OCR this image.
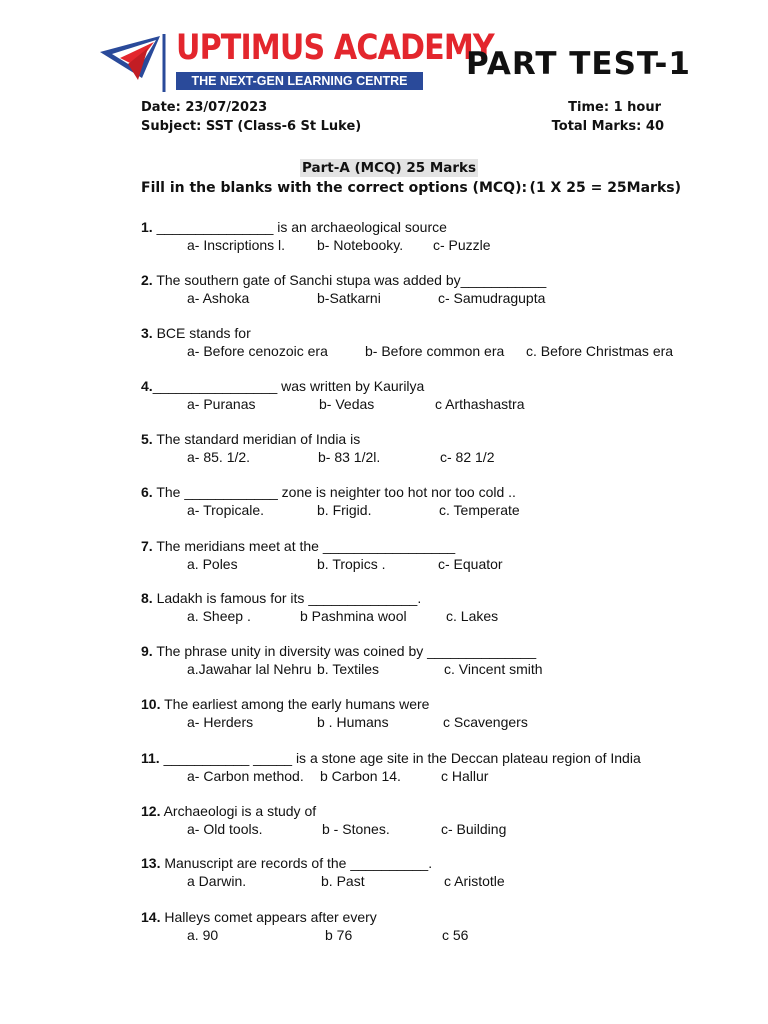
UPTIMUS ACADEMY
THE NEXT-GEN LEARNING CENTRE	PART TEST-1
Date: 23/07/2023	Time: 1 hour
Subject: SST (Class-6 St Luke)	Total Marks: 40
Part-A (MCQ) 25 Marks
Fill in the blanks with the correct options (MCQ): (1 X 25 = 25Marks)
1. _______________ is an archaeological source
a- Inscriptions l. b- Notebooky. c- Puzzle
2. The southern gate of Sanchi stupa was added by___________
a- Ashoka	b-Satkarni	c- Samudragupta
3. BCE stands for
a- Before cenozoic era	b- Before common era c. Before Christmas era
4.________________ was written by Kaurilya
a- Puranas	b- Vedas	c Arthashastra
5. The standard meridian of India is
a- 85. 1/2.	b- 83 1/2l.	c- 82 1/2
6. The ____________ zone is neighter too hot nor too cold ..
a- Tropicale.	b. Frigid.	c. Temperate
7. The meridians meet at the _________________
a. Poles	b. Tropics .	c- Equator
8. Ladakh is famous for its ______________.
a. Sheep .	b Pashmina wool	c. Lakes
9. The phrase unity in diversity was coined by ______________
a.Jawahar lal Nehru b. Textiles	c. Vincent smith
10. The earliest among the early humans were
a- Herders	b . Humans	c Scavengers
11. ___________ _____ is a stone age site in the Deccan plateau region of India
a- Carbon method. b Carbon 14.	c Hallur
12. Archaeologi is a study of
a- Old tools.	b - Stones.	c- Building
13. Manuscript are records of the __________.
a Darwin.	b. Past	c Aristotle
14. Halleys comet appears after every
a. 90	b 76	c 56
